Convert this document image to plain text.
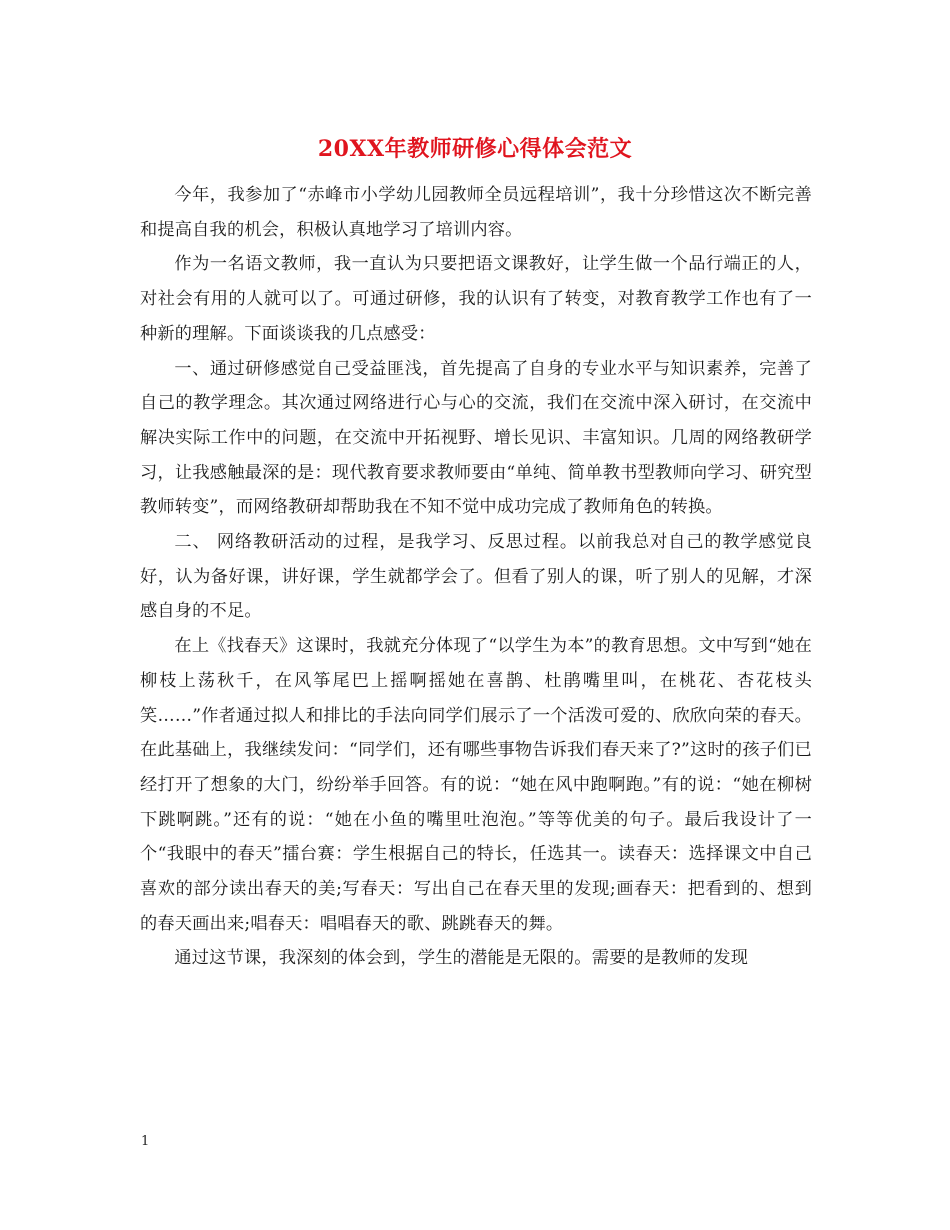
20XX年教师研修心得体会范文

今年，我参加了“赤峰市小学幼儿园教师全员远程培训”，我十分珍惜这次不断完善和提高自我的机会，积极认真地学习了培训内容。

作为一名语文教师，我一直认为只要把语文课教好，让学生做一个品行端正的人，对社会有用的人就可以了。可通过研修，我的认识有了转变，对教育教学工作也有了一种新的理解。下面谈谈我的几点感受：

一、通过研修感觉自己受益匪浅，首先提高了自身的专业水平与知识素养，完善了自己的教学理念。其次通过网络进行心与心的交流，我们在交流中深入研讨，在交流中解决实际工作中的问题，在交流中开拓视野、增长见识、丰富知识。几周的网络教研学习，让我感触最深的是：现代教育要求教师要由“单纯、简单教书型教师向学习、研究型教师转变”，而网络教研却帮助我在不知不觉中成功完成了教师角色的转换。

二、 网络教研活动的过程，是我学习、反思过程。以前我总对自己的教学感觉良好，认为备好课，讲好课，学生就都学会了。但看了别人的课，听了别人的见解，才深感自身的不足。

在上《找春天》这课时，我就充分体现了“以学生为本”的教育思想。文中写到“她在柳枝上荡秋千，在风筝尾巴上摇啊摇她在喜鹊、杜鹃嘴里叫，在桃花、杏花枝头笑……”作者通过拟人和排比的手法向同学们展示了一个活泼可爱的、欣欣向荣的春天。在此基础上，我继续发问：“同学们，还有哪些事物告诉我们春天来了?”这时的孩子们已经打开了想象的大门，纷纷举手回答。有的说：“她在风中跑啊跑。”有的说：“她在柳树下跳啊跳。”还有的说：“她在小鱼的嘴里吐泡泡。”等等优美的句子。最后我设计了一个“我眼中的春天”擂台赛：学生根据自己的特长，任选其一。读春天：选择课文中自己喜欢的部分读出春天的美;写春天：写出自己在春天里的发现;画春天：把看到的、想到的春天画出来;唱春天：唱唱春天的歌、跳跳春天的舞。

通过这节课，我深刻的体会到，学生的潜能是无限的。需要的是教师的发现

1
